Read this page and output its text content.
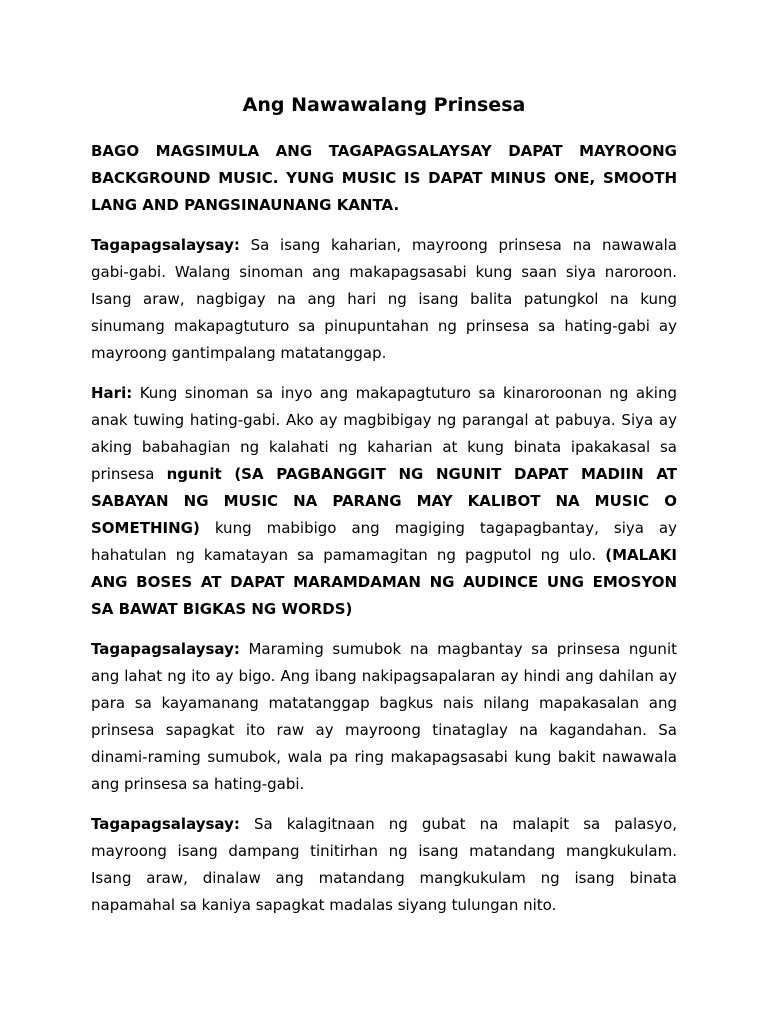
Ang Nawawalang Prinsesa

BAGO MAGSIMULA ANG TAGAPAGSALAYSAY DAPAT MAYROONG BACKGROUND MUSIC. YUNG MUSIC IS DAPAT MINUS ONE, SMOOTH LANG AND PANGSINAUNANG KANTA.

Tagapagsalaysay: Sa isang kaharian, mayroong prinsesa na nawawala gabi-gabi. Walang sinoman ang makapagsasabi kung saan siya naroroon. Isang araw, nagbigay na ang hari ng isang balita patungkol na kung sinumang makapagtuturo sa pinupuntahan ng prinsesa sa hating-gabi ay mayroong gantimpalang matatanggap.

Hari: Kung sinoman sa inyo ang makapagtuturo sa kinaroroonan ng aking anak tuwing hating-gabi. Ako ay magbibigay ng parangal at pabuya. Siya ay aking babahagian ng kalahati ng kaharian at kung binata ipakakasal sa prinsesa ngunit (SA PAGBANGGIT NG NGUNIT DAPAT MADIIN AT SABAYAN NG MUSIC NA PARANG MAY KALIBOT NA MUSIC O SOMETHING) kung mabibigo ang magiging tagapagbantay, siya ay hahatulan ng kamatayan sa pamamagitan ng pagputol ng ulo. (MALAKI ANG BOSES AT DAPAT MARAMDAMAN NG AUDINCE UNG EMOSYON SA BAWAT BIGKAS NG WORDS)

Tagapagsalaysay: Maraming sumubok na magbantay sa prinsesa ngunit ang lahat ng ito ay bigo. Ang ibang nakipagsapalaran ay hindi ang dahilan ay para sa kayamanang matatanggap bagkus nais nilang mapakasalan ang prinsesa sapagkat ito raw ay mayroong tinataglay na kagandahan. Sa dinami-raming sumubok, wala pa ring makapagsasabi kung bakit nawawala ang prinsesa sa hating-gabi.

Tagapagsalaysay: Sa kalagitnaan ng gubat na malapit sa palasyo, mayroong isang dampang tinitirhan ng isang matandang mangkukulam. Isang araw, dinalaw ang matandang mangkukulam ng isang binata napamahal sa kaniya sapagkat madalas siyang tulungan nito.
